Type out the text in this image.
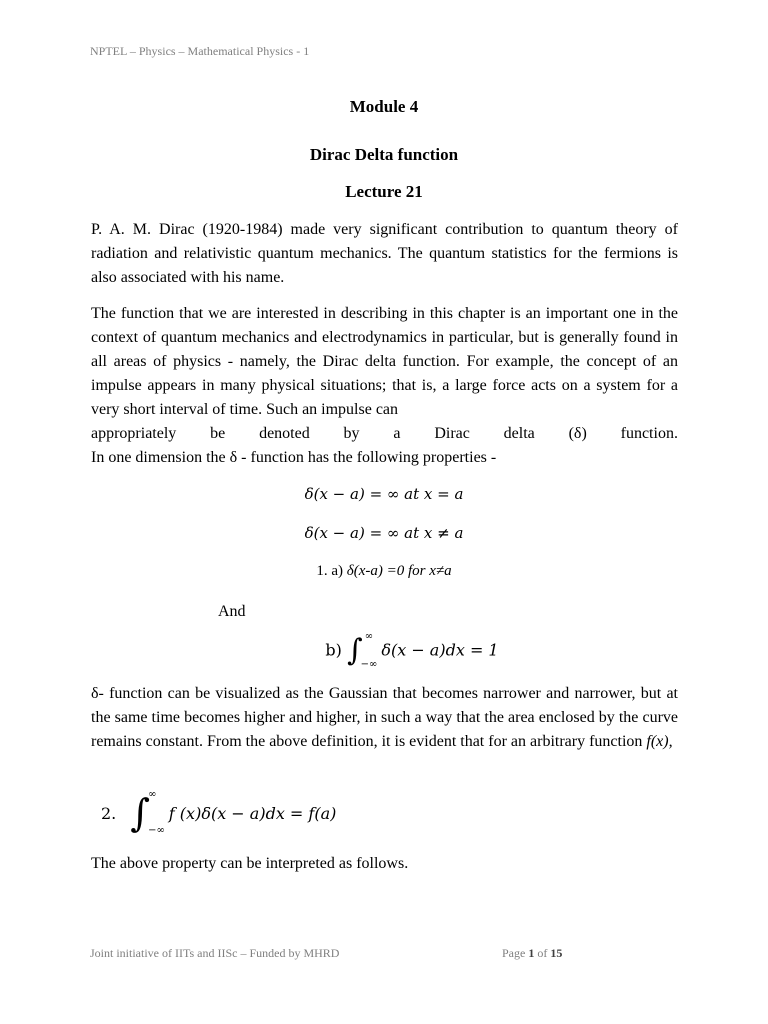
NPTEL – Physics – Mathematical Physics - 1
Module 4
Dirac Delta function
Lecture 21
P. A. M. Dirac (1920-1984) made very significant contribution to quantum theory of radiation and relativistic quantum mechanics. The quantum statistics for the fermions is also associated with his name.
The function that we are interested in describing in this chapter is an important one in the context of quantum mechanics and electrodynamics in particular, but is generally found in all areas of physics - namely, the Dirac delta function. For example, the concept of an impulse appears in many physical situations; that is, a large force acts on a system for a very short interval of time. Such an impulse can
appropriately be denoted by a Dirac delta (δ) function.
In one dimension the δ - function has the following properties -
δ(x − a) = ∞ at x = a
δ(x − a) = ∞ at x ≠ a
1. a) δ(x-a) =0 for x≠a
And
b) ∫ ∞
−∞
δ(x − a)dx = 1
δ- function can be visualized as the Gaussian that becomes narrower and narrower, but at the same time becomes higher and higher, in such a way that the area enclosed by the curve remains constant. From the above definition, it is evident that for an arbitrary function f(x),
2. ∫
∞
−∞
f (x)δ(x − a)dx = f(a)
The above property can be interpreted as follows.
Joint initiative of IITs and IISc – Funded by MHRD	Page 1 of 15
